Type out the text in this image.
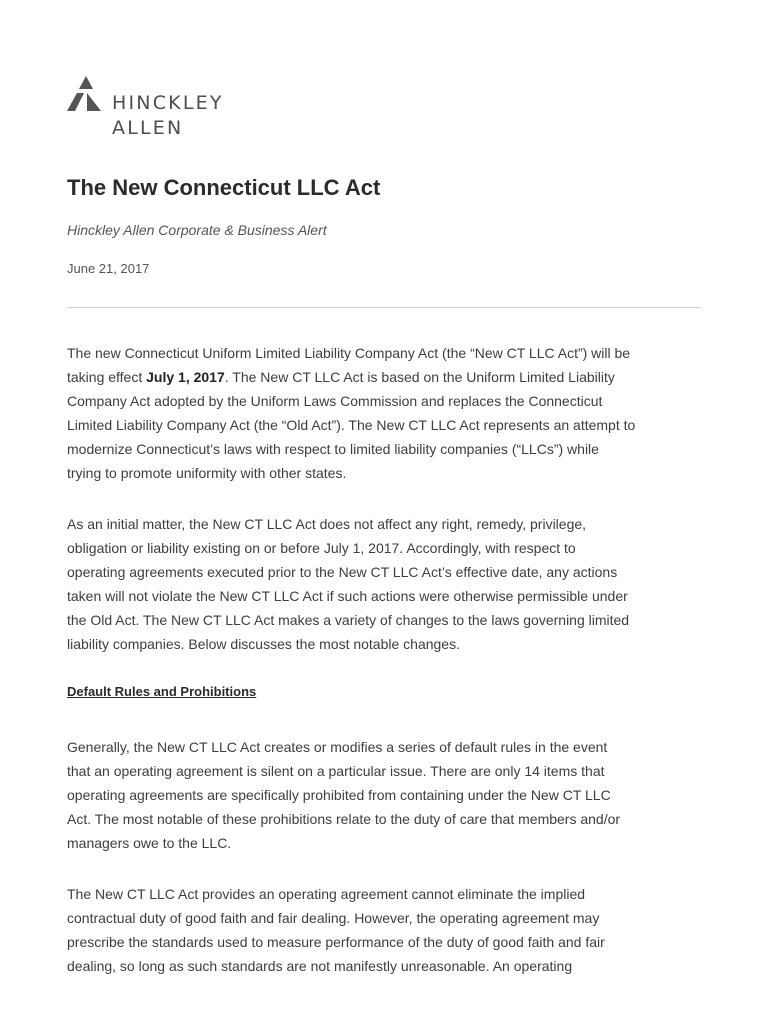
HINCKLEY
ALLEN
The New Connecticut LLC Act
Hinckley Allen Corporate & Business Alert
June 21, 2017
The new Connecticut Uniform Limited Liability Company Act (the “New CT LLC Act”) will be
taking effect July 1, 2017. The New CT LLC Act is based on the Uniform Limited Liability
Company Act adopted by the Uniform Laws Commission and replaces the Connecticut
Limited Liability Company Act (the “Old Act”). The New CT LLC Act represents an attempt to
modernize Connecticut’s laws with respect to limited liability companies (“LLCs”) while
trying to promote uniformity with other states.
As an initial matter, the New CT LLC Act does not affect any right, remedy, privilege,
obligation or liability existing on or before July 1, 2017. Accordingly, with respect to
operating agreements executed prior to the New CT LLC Act’s effective date, any actions
taken will not violate the New CT LLC Act if such actions were otherwise permissible under
the Old Act. The New CT LLC Act makes a variety of changes to the laws governing limited
liability companies. Below discusses the most notable changes.
Default Rules and Prohibitions
Generally, the New CT LLC Act creates or modifies a series of default rules in the event
that an operating agreement is silent on a particular issue. There are only 14 items that
operating agreements are specifically prohibited from containing under the New CT LLC
Act. The most notable of these prohibitions relate to the duty of care that members and/or
managers owe to the LLC.
The New CT LLC Act provides an operating agreement cannot eliminate the implied
contractual duty of good faith and fair dealing. However, the operating agreement may
prescribe the standards used to measure performance of the duty of good faith and fair
dealing, so long as such standards are not manifestly unreasonable. An operating
